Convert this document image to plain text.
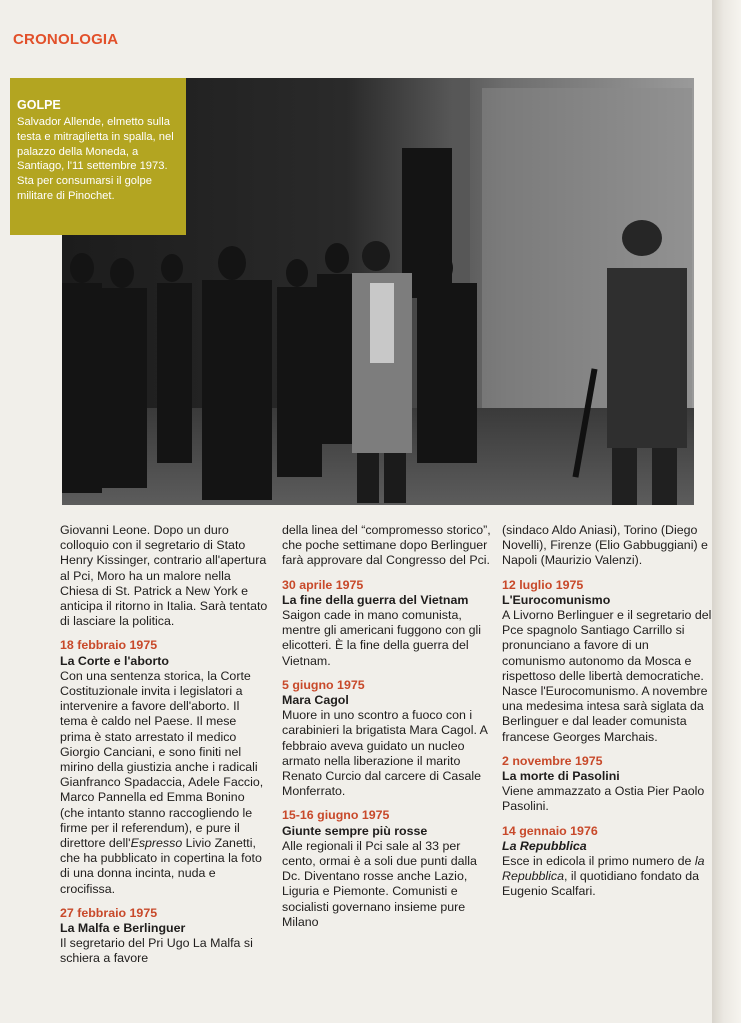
CRONOLOGIA
GOLPE
Salvador Allende, elmetto sulla testa e mitraglietta in spalla, nel palazzo della Moneda, a Santiago, l'11 settembre 1973. Sta per consumarsi il golpe militare di Pinochet.
Giovanni Leone. Dopo un duro colloquio con il segretario di Stato Henry Kissinger, contrario all'apertura al Pci, Moro ha un malore nella Chiesa di St. Patrick a New York e anticipa il ritorno in Italia. Sarà tentato di lasciare la politica.
18 febbraio 1975
La Corte e l'aborto
Con una sentenza storica, la Corte Costituzionale invita i legislatori a intervenire a favore dell'aborto. Il tema è caldo nel Paese. Il mese prima è stato arrestato il medico Giorgio Canciani, e sono finiti nel mirino della giustizia anche i radicali Gianfranco Spadaccia, Adele Faccio, Marco Pannella ed Emma Bonino (che intanto stanno raccogliendo le firme per il referendum), e pure il direttore dell'Espresso Livio Zanetti, che ha pubblicato in copertina la foto di una donna incinta, nuda e crocifissa.
27 febbraio 1975
La Malfa e Berlinguer
Il segretario del Pri Ugo La Malfa si schiera a favore
della linea del “compromesso storico”, che poche settimane dopo Berlinguer farà approvare dal Congresso del Pci.
30 aprile 1975
La fine della guerra del Vietnam
Saigon cade in mano comunista, mentre gli americani fuggono con gli elicotteri. È la fine della guerra del Vietnam.
5 giugno 1975
Mara Cagol
Muore in uno scontro a fuoco con i carabinieri la brigatista Mara Cagol. A febbraio aveva guidato un nucleo armato nella liberazione il marito Renato Curcio dal carcere di Casale Monferrato.
15-16 giugno 1975
Giunte sempre più rosse
Alle regionali il Pci sale al 33 per cento, ormai è a soli due punti dalla Dc. Diventano rosse anche Lazio, Liguria e Piemonte. Comunisti e socialisti governano insieme pure Milano
(sindaco Aldo Aniasi), Torino (Diego Novelli), Firenze (Elio Gabbuggiani) e Napoli (Maurizio Valenzi).
12 luglio 1975
L'Eurocomunismo
A Livorno Berlinguer e il segretario del Pce spagnolo Santiago Carrillo si pronunciano a favore di un comunismo autonomo da Mosca e rispettoso delle libertà democratiche. Nasce l'Eurocomunismo. A novembre una medesima intesa sarà siglata da Berlinguer e dal leader comunista francese Georges Marchais.
2 novembre 1975
La morte di Pasolini
Viene ammazzato a Ostia Pier Paolo Pasolini.
14 gennaio 1976
La Repubblica
Esce in edicola il primo numero de la Repubblica, il quotidiano fondato da Eugenio Scalfari.
